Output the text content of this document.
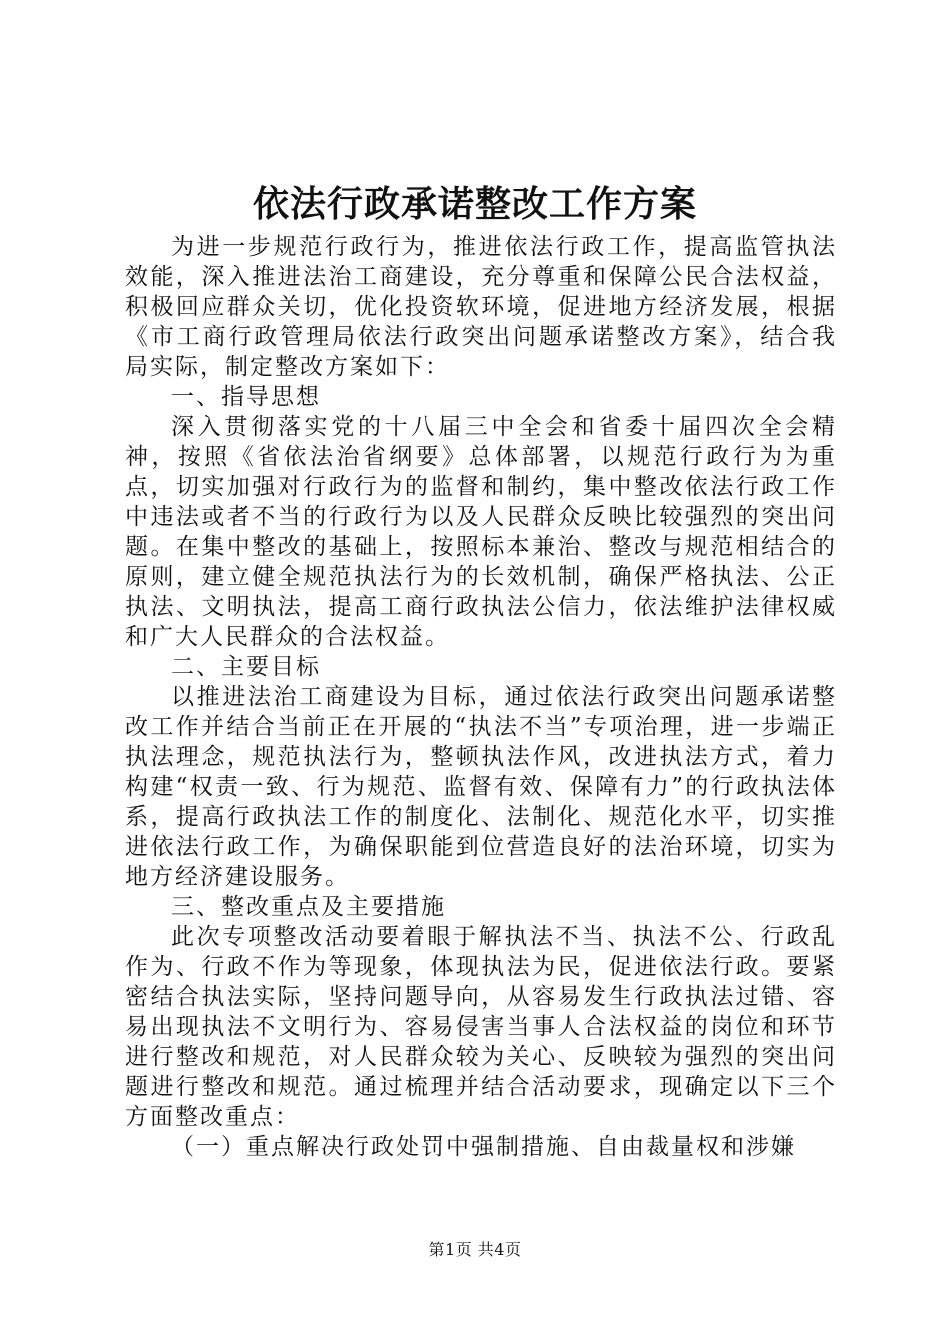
依法行政承诺整改工作方案

为进一步规范行政行为，推进依法行政工作，提高监管执法效能，深入推进法治工商建设，充分尊重和保障公民合法权益，积极回应群众关切，优化投资软环境，促进地方经济发展，根据《市工商行政管理局依法行政突出问题承诺整改方案》，结合我局实际，制定整改方案如下：

一、指导思想

深入贯彻落实党的十八届三中全会和省委十届四次全会精神，按照《省依法治省纲要》总体部署，以规范行政行为为重点，切实加强对行政行为的监督和制约，集中整改依法行政工作中违法或者不当的行政行为以及人民群众反映比较强烈的突出问题。在集中整改的基础上，按照标本兼治、整改与规范相结合的原则，建立健全规范执法行为的长效机制，确保严格执法、公正执法、文明执法，提高工商行政执法公信力，依法维护法律权威和广大人民群众的合法权益。

二、主要目标

以推进法治工商建设为目标，通过依法行政突出问题承诺整改工作并结合当前正在开展的“执法不当”专项治理，进一步端正执法理念，规范执法行为，整顿执法作风，改进执法方式，着力构建“权责一致、行为规范、监督有效、保障有力”的行政执法体系，提高行政执法工作的制度化、法制化、规范化水平，切实推进依法行政工作，为确保职能到位营造良好的法治环境，切实为地方经济建设服务。

三、整改重点及主要措施

此次专项整改活动要着眼于解执法不当、执法不公、行政乱作为、行政不作为等现象，体现执法为民，促进依法行政。要紧密结合执法实际，坚持问题导向，从容易发生行政执法过错、容易出现执法不文明行为、容易侵害当事人合法权益的岗位和环节进行整改和规范，对人民群众较为关心、反映较为强烈的突出问题进行整改和规范。通过梳理并结合活动要求，现确定以下三个方面整改重点：

（一）重点解决行政处罚中强制措施、自由裁量权和涉嫌

第1页 共4页
